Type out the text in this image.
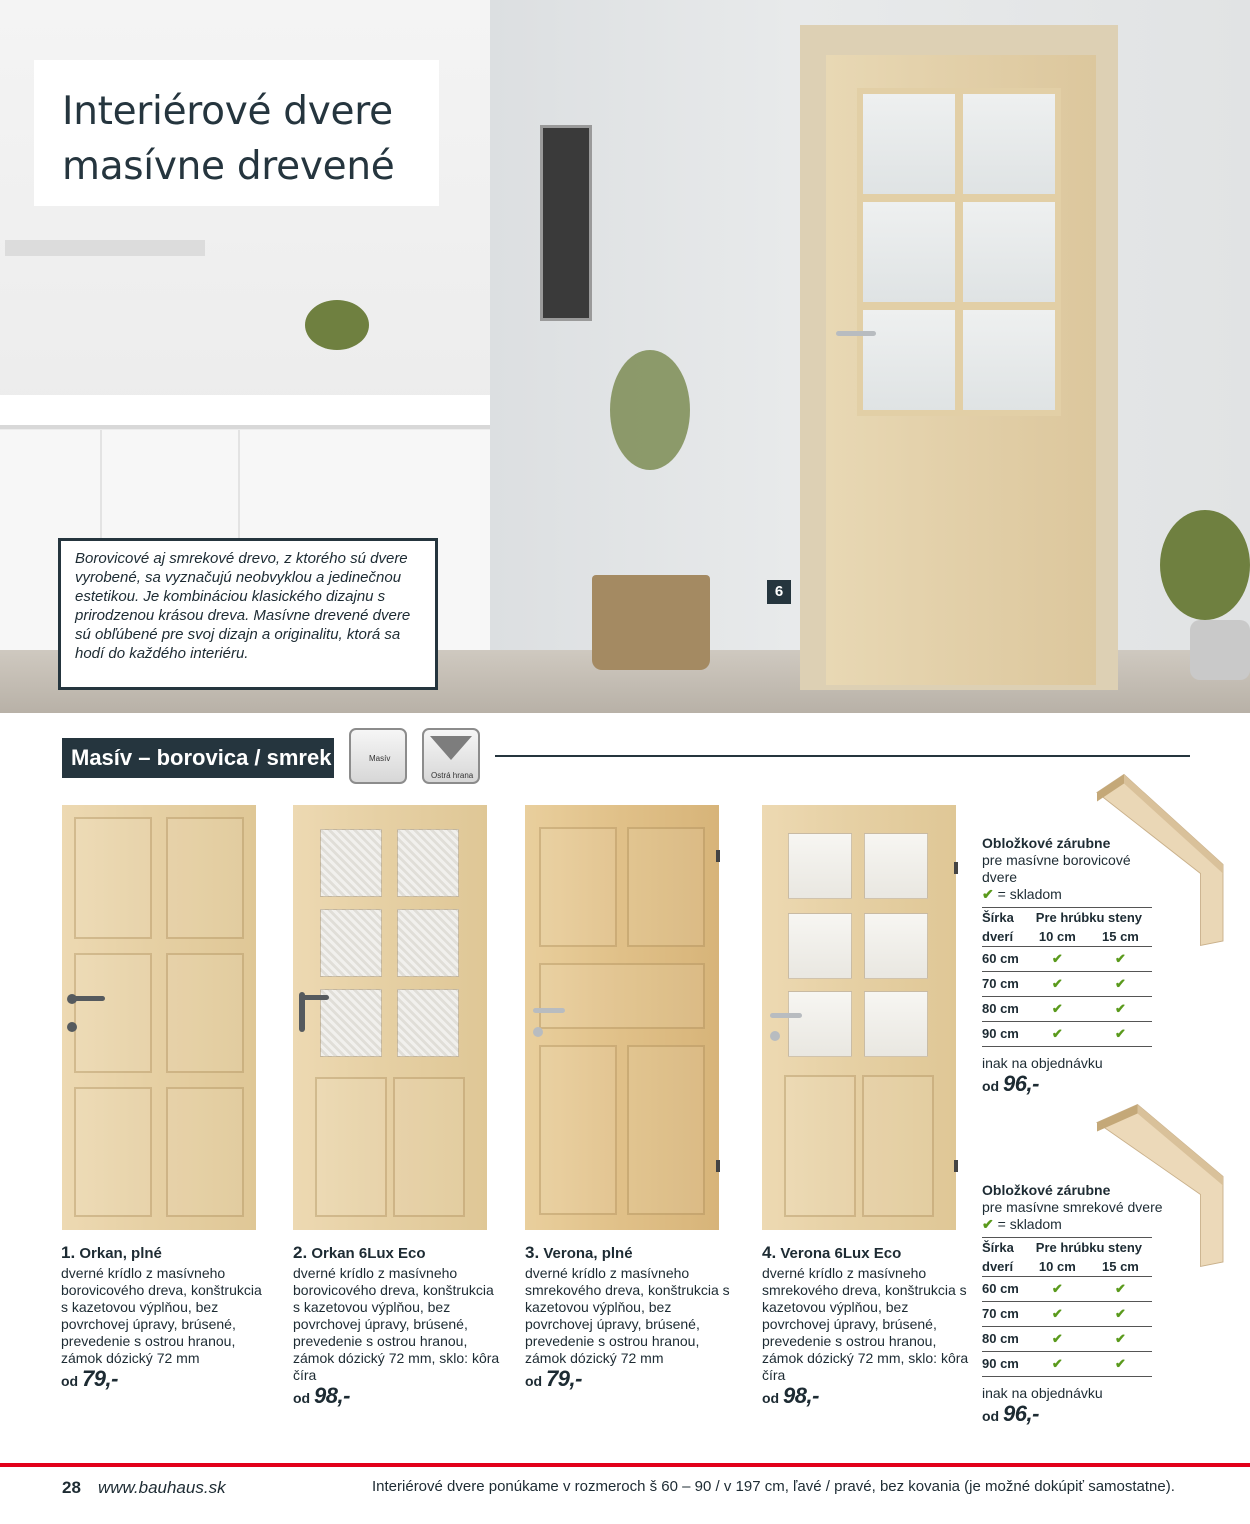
Interiérové dvere
masívne drevené
Borovicové aj smrekové drevo, z ktorého sú dvere vyrobené, sa vyznačujú neobvyklou a jedinečnou estetikou. Je kombináciou klasického dizajnu s prirodzenou krásou dreva. Masívne drevené dvere sú obľúbené pre svoj dizajn a originalitu, ktorá sa hodí do každého interiéru.
6
Masív – borovica / smrek	Masív
Ostrá hrana
1. Orkan, plné
dverné krídlo z masívneho borovicového dreva, konštrukcia s kazetovou výplňou, bez povrchovej úpravy, brúsené, prevedenie s ostrou hranou, zámok dózický 72 mm
od 79,-
2. Orkan 6Lux Eco
dverné krídlo z masívneho borovicového dreva, konštrukcia s kazetovou výplňou, bez povrchovej úpravy, brúsené, prevedenie s ostrou hranou, zámok dózický 72 mm, sklo: kôra číra
od 98,-
3. Verona, plné
dverné krídlo z masívneho smrekového dreva, konštrukcia s kazetovou výplňou, bez povrchovej úpravy, brúsené, prevedenie s ostrou hranou, zámok dózický 72 mm
od 79,-
4. Verona 6Lux Eco
dverné krídlo z masívneho smrekového dreva, konštrukcia s kazetovou výplňou, bez povrchovej úpravy, brúsené, prevedenie s ostrou hranou, zámok dózický 72 mm, sklo: kôra číra
od 98,-
Obložkové zárubne
pre masívne borovicové dvere
✔ = skladom
Šírka	Pre hrúbku steny	
dverí	10 cm	15 cm
60 cm	✔	✔
70 cm	✔	✔
80 cm	✔	✔
90 cm	✔	✔
inak na objednávku
od 96,-
Obložkové zárubne
pre masívne smrekové dvere
✔ = skladom
Šírka	Pre hrúbku steny	
dverí	10 cm	15 cm
60 cm	✔	✔
70 cm	✔	✔
80 cm	✔	✔
90 cm	✔	✔
inak na objednávku
od 96,-
28 www.bauhaus.sk	Interiérové dvere ponúkame v rozmeroch š 60 – 90 / v 197 cm, ľavé / pravé, bez kovania (je možné dokúpiť samostatne).
